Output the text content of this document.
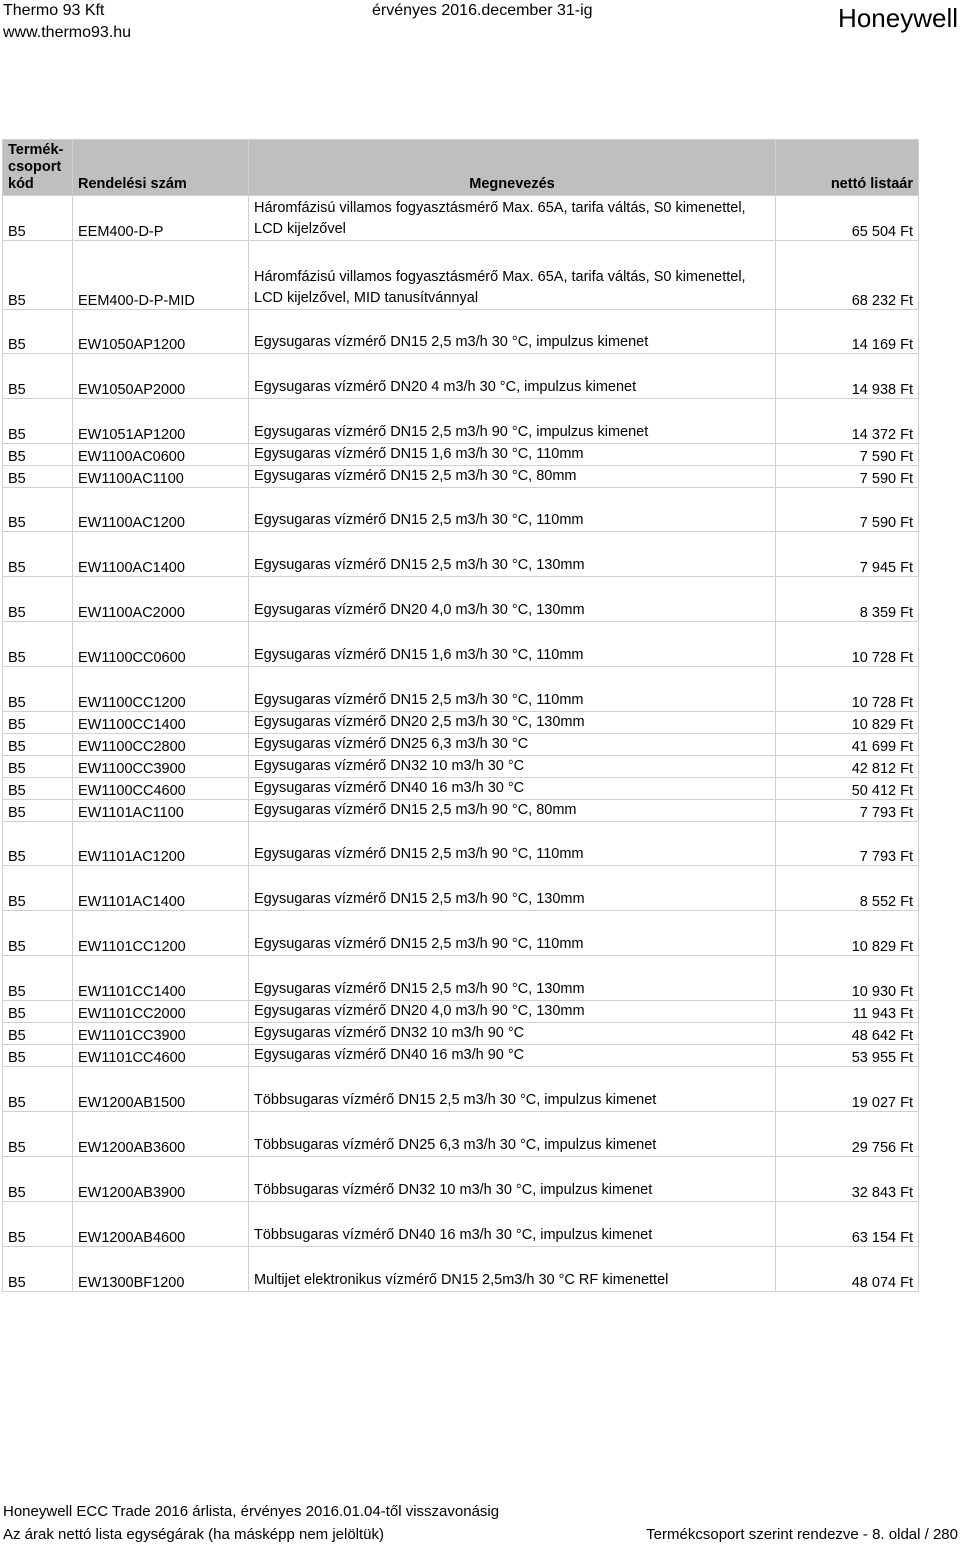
Thermo 93 Kft
www.thermo93.hu
érvényes 2016.december 31-ig	Honeywell
Termék-
csoport
kód	Rendelési szám	Megnevezés	nettó listaár
B5	EEM400-D-P	Háromfázisú villamos fogyasztásmérő Max. 65A, tarifa váltás, S0 kimenettel, LCD kijelzővel	65 504 Ft
B5	EEM400-D-P-MID	Háromfázisú villamos fogyasztásmérő Max. 65A, tarifa váltás, S0 kimenettel, LCD kijelzővel, MID tanusítvánnyal	68 232 Ft
B5	EW1050AP1200	Egysugaras vízmérő DN15 2,5 m3/h 30 °C, impulzus kimenet	14 169 Ft
B5	EW1050AP2000	Egysugaras vízmérő DN20 4 m3/h 30 °C, impulzus kimenet	14 938 Ft
B5	EW1051AP1200	Egysugaras vízmérő DN15 2,5 m3/h 90 °C, impulzus kimenet	14 372 Ft
B5	EW1100AC0600	Egysugaras vízmérő DN15 1,6 m3/h 30 °C, 110mm	7 590 Ft
B5	EW1100AC1100	Egysugaras vízmérő DN15 2,5 m3/h 30 °C, 80mm	7 590 Ft
B5	EW1100AC1200	Egysugaras vízmérő DN15 2,5 m3/h 30 °C, 110mm	7 590 Ft
B5	EW1100AC1400	Egysugaras vízmérő DN15 2,5 m3/h 30 °C, 130mm	7 945 Ft
B5	EW1100AC2000	Egysugaras vízmérő DN20 4,0 m3/h 30 °C, 130mm	8 359 Ft
B5	EW1100CC0600	Egysugaras vízmérő DN15 1,6 m3/h 30 °C, 110mm	10 728 Ft
B5	EW1100CC1200	Egysugaras vízmérő DN15 2,5 m3/h 30 °C, 110mm	10 728 Ft
B5	EW1100CC1400	Egysugaras vízmérő DN20 2,5 m3/h 30 °C, 130mm	10 829 Ft
B5	EW1100CC2800	Egysugaras vízmérő DN25 6,3 m3/h 30 °C	41 699 Ft
B5	EW1100CC3900	Egysugaras vízmérő DN32 10 m3/h 30 °C	42 812 Ft
B5	EW1100CC4600	Egysugaras vízmérő DN40 16 m3/h 30 °C	50 412 Ft
B5	EW1101AC1100	Egysugaras vízmérő DN15 2,5 m3/h 90 °C, 80mm	7 793 Ft
B5	EW1101AC1200	Egysugaras vízmérő DN15 2,5 m3/h 90 °C, 110mm	7 793 Ft
B5	EW1101AC1400	Egysugaras vízmérő DN15 2,5 m3/h 90 °C, 130mm	8 552 Ft
B5	EW1101CC1200	Egysugaras vízmérő DN15 2,5 m3/h 90 °C, 110mm	10 829 Ft
B5	EW1101CC1400	Egysugaras vízmérő DN15 2,5 m3/h 90 °C, 130mm	10 930 Ft
B5	EW1101CC2000	Egysugaras vízmérő DN20 4,0 m3/h 90 °C, 130mm	11 943 Ft
B5	EW1101CC3900	Egysugaras vízmérő DN32 10 m3/h 90 °C	48 642 Ft
B5	EW1101CC4600	Egysugaras vízmérő DN40 16 m3/h 90 °C	53 955 Ft
B5	EW1200AB1500	Többsugaras vízmérő DN15 2,5 m3/h 30 °C, impulzus kimenet	19 027 Ft
B5	EW1200AB3600	Többsugaras vízmérő DN25 6,3 m3/h 30 °C, impulzus kimenet	29 756 Ft
B5	EW1200AB3900	Többsugaras vízmérő DN32 10 m3/h 30 °C, impulzus kimenet	32 843 Ft
B5	EW1200AB4600	Többsugaras vízmérő DN40 16 m3/h 30 °C, impulzus kimenet	63 154 Ft
B5	EW1300BF1200	Multijet elektronikus vízmérő DN15 2,5m3/h 30 °C RF kimenettel	48 074 Ft
Honeywell ECC Trade 2016 árlista, érvényes 2016.01.04-től visszavonásig
Az árak nettó lista egységárak (ha másképp nem jelöltük)	Termékcsoport szerint rendezve - 8. oldal / 280
